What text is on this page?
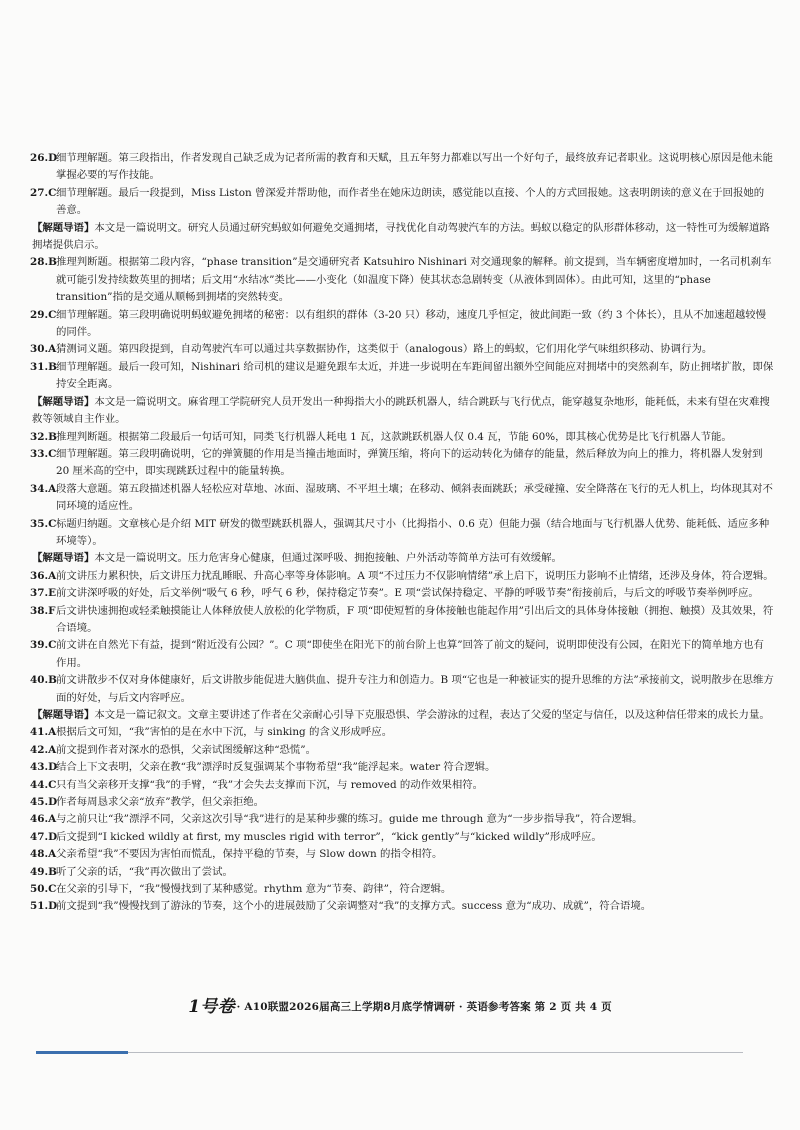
26.D
细节理解题。第三段指出，作者发现自己缺乏成为记者所需的教育和天赋，且五年努力都难以写出一个好句子，最终放弃记者职业。这说明核心原因是他未能掌握必要的写作技能。

27.C 细节理解题。最后一段提到，Miss Liston 曾深爱并帮助他，而作者坐在她床边朗读，感觉能以直接、个人的方式回报她。这表明朗读的意义在于回报她的善意。

【解题导语】本文是一篇说明文。研究人员通过研究蚂蚁如何避免交通拥堵，寻找优化自动驾驶汽车的方法。蚂蚁以稳定的队形群体移动，这一特性可为缓解道路拥堵提供启示。

28.B 推理判断题。根据第二段内容，“phase transition”是交通研究者 Katsuhiro Nishinari 对交通现象的解释。前文提到，当车辆密度增加时，一名司机刹车就可能引发持续数英里的拥堵；后文用“水结冰”类比——小变化（如温度下降）使其状态急剧转变（从液体到固体）。由此可知，这里的“phase transition”指的是交通从顺畅到拥堵的突然转变。

29.C 细节理解题。第三段明确说明蚂蚁避免拥堵的秘密：以有组织的群体（3-20 只）移动，速度几乎恒定，彼此间距一致（约 3 个体长），且从不加速超越较慢的同伴。

30.A 猜测词义题。第四段提到，自动驾驶汽车可以通过共享数据协作，这类似于（analogous）路上的蚂蚁，它们用化学气味组织移动、协调行为。

31.B 细节理解题。最后一段可知，Nishinari 给司机的建议是避免跟车太近，并进一步说明在车距间留出额外空间能应对拥堵中的突然刹车，防止拥堵扩散，即保持安全距离。

【解题导语】本文是一篇说明文。麻省理工学院研究人员开发出一种拇指大小的跳跃机器人，结合跳跃与飞行优点，能穿越复杂地形，能耗低，未来有望在灾难搜救等领域自主作业。

32.B 推理判断题。根据第二段最后一句话可知，同类飞行机器人耗电 1 瓦，这款跳跃机器人仅 0.4 瓦，节能 60%，即其核心优势是比飞行机器人节能。

33.C 细节理解题。第三段明确说明，它的弹簧腿的作用是当撞击地面时，弹簧压缩，将向下的运动转化为储存的能量，然后释放为向上的推力，将机器人发射到 20 厘米高的空中，即实现跳跃过程中的能量转换。

34.A 段落大意题。第五段描述机器人轻松应对草地、冰面、湿玻璃、不平坦土壤；在移动、倾斜表面跳跃；承受碰撞、安全降落在飞行的无人机上，均体现其对不同环境的适应性。

35.C 标题归纳题。文章核心是介绍 MIT 研发的微型跳跃机器人，强调其尺寸小（比拇指小、0.6 克）但能力强（结合地面与飞行机器人优势、能耗低、适应多种环境等）。

【解题导语】本文是一篇说明文。压力危害身心健康，但通过深呼吸、拥抱接触、户外活动等简单方法可有效缓解。

36.A 前文讲压力累积快，后文讲压力扰乱睡眠、升高心率等身体影响。A 项“不过压力不仅影响情绪”承上启下，说明压力影响不止情绪，还涉及身体，符合逻辑。

37.E 前文讲深呼吸的好处，后文举例“吸气 6 秒，呼气 6 秒，保持稳定节奏”。E 项“尝试保持稳定、平静的呼吸节奏”衔接前后，与后文的呼吸节奏举例呼应。

38.F 后文讲快速拥抱或轻柔触摸能让人体释放使人放松的化学物质，F 项“即使短暂的身体接触也能起作用”引出后文的具体身体接触（拥抱、触摸）及其效果，符合语境。

39.C 前文讲在自然光下有益，提到“附近没有公园？”。C 项“即使坐在阳光下的前台阶上也算”回答了前文的疑问，说明即使没有公园，在阳光下的简单地方也有作用。

40.B 前文讲散步不仅对身体健康好，后文讲散步能促进大脑供血、提升专注力和创造力。B 项“它也是一种被证实的提升思维的方法”承接前文，说明散步在思维方面的好处，与后文内容呼应。

【解题导语】本文是一篇记叙文。文章主要讲述了作者在父亲耐心引导下克服恐惧、学会游泳的过程，表达了父爱的坚定与信任，以及这种信任带来的成长力量。

41.A 根据后文可知，“我”害怕的是在水中下沉，与 sinking 的含义形成呼应。

42.A 前文提到作者对深水的恐惧，父亲试图缓解这种“恐慌”。

43.D
结合上下文表明，父亲在教“我”漂浮时反复强调某个事物希望“我”能浮起来。water 符合逻辑。

44.C 只有当父亲移开支撑“我”的手臂，“我”才会失去支撑而下沉，与 removed 的动作效果相符。

45.D
作者每周恳求父亲“放弃”教学，但父亲拒绝。

46.A 与之前只让“我”漂浮不同，父亲这次引导“我”进行的是某种步骤的练习。guide me through 意为“一步步指导我”，符合逻辑。

47.D
后文提到“I kicked wildly at first, my muscles rigid with terror”，“kick gently”与“kicked wildly”形成呼应。

48.A 父亲希望“我”不要因为害怕而慌乱，保持平稳的节奏，与 Slow down 的指令相符。

49.B 听了父亲的话，“我”再次做出了尝试。

50.C 在父亲的引导下，“我”慢慢找到了某种感觉。rhythm 意为“节奏、韵律”，符合逻辑。

51.D
前文提到“我”慢慢找到了游泳的节奏，这个小的进展鼓励了父亲调整对“我”的支撑方式。success 意为“成功、成就”，符合语境。

1号卷 · A10联盟2026届高三上学期8月底学情调研 · 英语参考答案 第 2 页 共 4 页
